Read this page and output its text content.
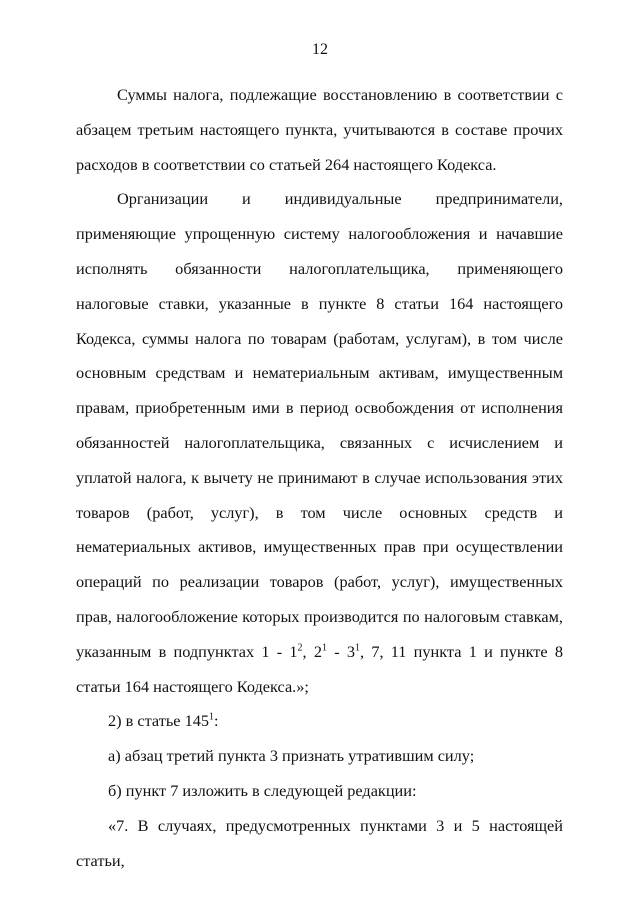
12

Суммы налога, подлежащие восстановлению в соответствии с абзацем третьим настоящего пункта, учитываются в составе прочих расходов в соответствии со статьей 264 настоящего Кодекса.

Организации и индивидуальные предприниматели, применяющие упрощенную систему налогообложения и начавшие исполнять обязанности налогоплательщика, применяющего налоговые ставки, указанные в пункте 8 статьи 164 настоящего Кодекса, суммы налога по товарам (работам, услугам), в том числе основным средствам и нематериальным активам, имущественным правам, приобретенным ими в период освобождения от исполнения обязанностей налогоплательщика, связанных с исчислением и уплатой налога, к вычету не принимают в случае использования этих товаров (работ, услуг), в том числе основных средств и нематериальных активов, имущественных прав при осуществлении операций по реализации товаров (работ, услуг), имущественных прав, налогообложение которых производится по налоговым ставкам, указанным в подпунктах $1 - 1^2$, $2^1 - 3^1$, 7, 11 пункта 1 и пункте 8 статьи 164 настоящего Кодекса.»;

2) в статье $145^1$:

а) абзац третий пункта 3 признать утратившим силу;

б) пункт 7 изложить в следующей редакции:

«7. В случаях, предусмотренных пунктами 3 и 5 настоящей статьи,
